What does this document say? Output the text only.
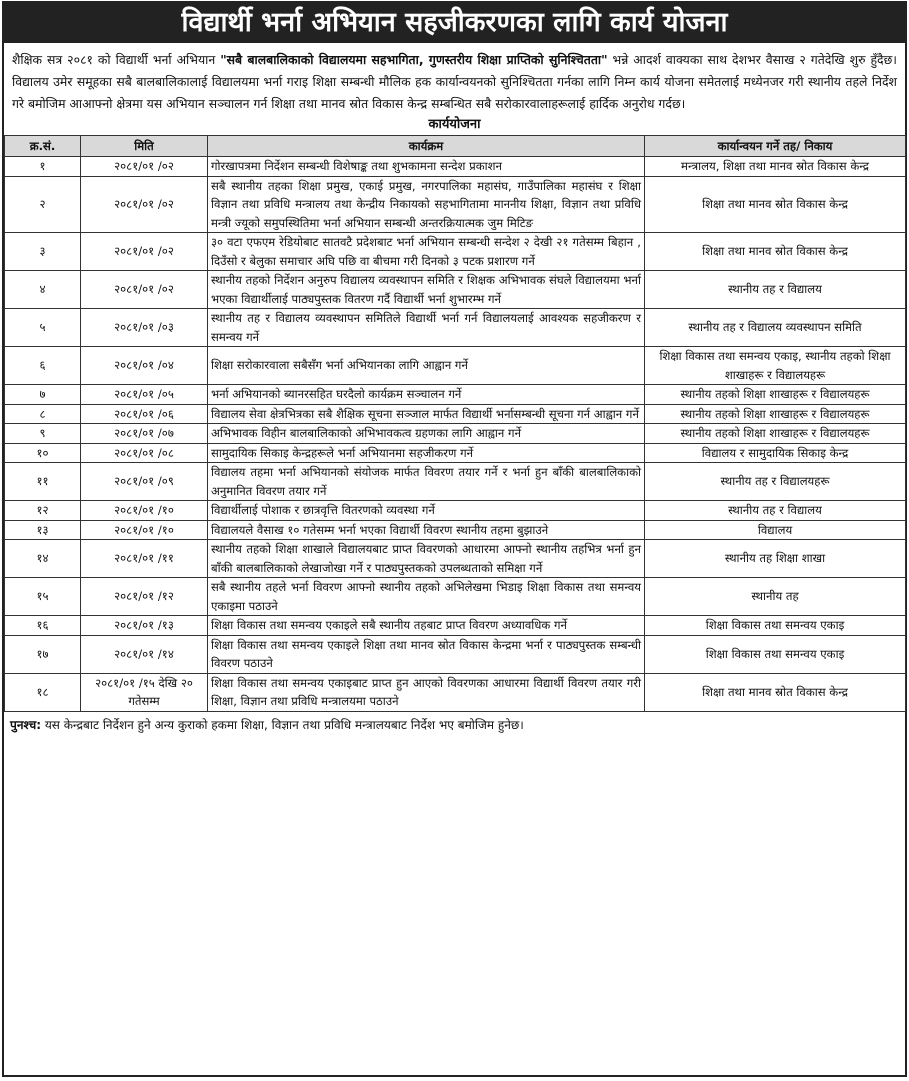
विद्यार्थी भर्ना अभियान सहजीकरणका लागि कार्य योजना
शैक्षिक सत्र २०८१ को विद्यार्थी भर्ना अभियान "सबै बालबालिकाको विद्यालयमा सहभागिता, गुणस्तरीय शिक्षा प्राप्तिको सुनिश्चितता" भन्ने आदर्श वाक्यका साथ देशभर वैसाख २ गतेदेखि शुरु हुँदैछ। विद्यालय उमेर समूहका सबै बालबालिकालाई विद्यालयमा भर्ना गराइ शिक्षा सम्बन्धी मौलिक हक कार्यान्वयनको सुनिश्चितता गर्नका लागि निम्न कार्य योजना समेतलाई मध्येनजर गरी स्थानीय तहले निर्देश गरे बमोजिम आआफ्नो क्षेत्रमा यस अभियान सञ्चालन गर्न शिक्षा तथा मानव स्रोत विकास केन्द्र सम्बन्धित सबै सरोकारवालाहरूलाई हार्दिक अनुरोध गर्दछ।
कार्ययोजना
क्र.सं.	मिति	कार्यक्रम	कार्यान्वयन गर्ने तह/ निकाय
१	२०८१/०१ /०२	गोरखापत्रमा निर्देशन सम्बन्धी विशेषाङ्क तथा शुभकामना सन्देश प्रकाशन	मन्त्रालय, शिक्षा तथा मानव स्रोत विकास केन्द्र
२	२०८१/०१ /०२	सबै स्थानीय तहका शिक्षा प्रमुख, एकाई प्रमुख, नगरपालिका महासंघ, गाउँपालिका महासंघ र शिक्षा विज्ञान तथा प्रविधि मन्त्रालय तथा केन्द्रीय निकायको सहभागितामा माननीय शिक्षा, विज्ञान तथा प्रविधि मन्त्री ज्यूको समुपस्थितिमा भर्ना अभियान सम्बन्धी अन्तरक्रियात्मक जुम मिटिङ	शिक्षा तथा मानव स्रोत विकास केन्द्र
३	२०८१/०१ /०२	३० वटा एफएम रेडियोबाट सातवटै प्रदेशबाट भर्ना अभियान सम्बन्धी सन्देश २ देखी २१ गतेसम्म बिहान , दिउँसो र बेलुका समाचार अघि पछि वा बीचमा गरी दिनको ३ पटक प्रशारण गर्ने	शिक्षा तथा मानव स्रोत विकास केन्द्र
४	२०८१/०१ /०२	स्थानीय तहको निर्देशन अनुरुप विद्यालय व्यवस्थापन समिति र शिक्षक अभिभावक संघले विद्यालयमा भर्ना भएका विद्यार्थीलाई पाठ्यपुस्तक वितरण गर्दै विद्यार्थी भर्ना शुभारम्भ गर्ने	स्थानीय तह र विद्यालय
५	२०८१/०१ /०३	स्थानीय तह र विद्यालय व्यवस्थापन समितिले विद्यार्थी भर्ना गर्न विद्यालयलाई आवश्यक सहजीकरण र समन्वय गर्ने	स्थानीय तह र विद्यालय व्यवस्थापन समिति
६	२०८१/०१ /०४	शिक्षा सरोकारवाला सबैसँग भर्ना अभियानका लागि आह्वान गर्ने	शिक्षा विकास तथा समन्वय एकाइ, स्थानीय तहको शिक्षा शाखाहरू र विद्यालयहरू
७	२०८१/०१ /०५	भर्ना अभियानको ब्यानरसहित घरदैलो कार्यक्रम सञ्चालन गर्ने	स्थानीय तहको शिक्षा शाखाहरू र विद्यालयहरू
८	२०८१/०१ /०६	विद्यालय सेवा क्षेत्रभित्रका सबै शैक्षिक सूचना सञ्जाल मार्फत विद्यार्थी भर्नासम्बन्धी सूचना गर्न आह्वान गर्ने	स्थानीय तहको शिक्षा शाखाहरू र विद्यालयहरू
९	२०८१/०१ /०७	अभिभावक विहीन बालबालिकाको अभिभावकत्व ग्रहणका लागि आह्वान गर्ने	स्थानीय तहको शिक्षा शाखाहरू र विद्यालयहरू
१०	२०८१/०१ /०८	सामुदायिक सिकाइ केन्द्रहरूले भर्ना अभियानमा सहजीकरण गर्ने	विद्यालय र सामुदायिक सिकाइ केन्द्र
११	२०८१/०१ /०९	विद्यालय तहमा भर्ना अभियानको संयोजक मार्फत विवरण तयार गर्ने र भर्ना हुन बाँकी बालबालिकाको अनुमानित विवरण तयार गर्ने	स्थानीय तह र विद्यालयहरू
१२	२०८१/०१ /१०	विद्यार्थीलाई पोशाक र छात्रवृत्ति वितरणको व्यवस्था गर्ने	स्थानीय तह र विद्यालय
१३	२०८१/०१ /१०	विद्यालयले वैसाख १० गतेसम्म भर्ना भएका विद्यार्थी विवरण स्थानीय तहमा बुझाउने	विद्यालय
१४	२०८१/०१ /११	स्थानीय तहको शिक्षा शाखाले विद्यालयबाट प्राप्त विवरणको आधारमा आफ्नो स्थानीय तहभित्र भर्ना हुन बाँकी बालबालिकाको लेखाजोखा गर्ने र पाठ्यपुस्तकको उपलब्धताको समिक्षा गर्ने	स्थानीय तह शिक्षा शाखा
१५	२०८१/०१ /१२	सबै स्थानीय तहले भर्ना विवरण आफ्नो स्थानीय तहको अभिलेखमा भिडाइ शिक्षा विकास तथा समन्वय एकाइमा पठाउने	स्थानीय तह
१६	२०८१/०१ /१३	शिक्षा विकास तथा समन्वय एकाइले सबै स्थानीय तहबाट प्राप्त विवरण अध्यावधिक गर्ने	शिक्षा विकास तथा समन्वय एकाइ
१७	२०८१/०१ /१४	शिक्षा विकास तथा समन्वय एकाइले शिक्षा तथा मानव स्रोत विकास केन्द्रमा भर्ना र पाठ्यपुस्तक सम्बन्धी विवरण पठाउने	शिक्षा विकास तथा समन्वय एकाइ
१८	२०८१/०१ /१५ देखि २० गतेसम्म	शिक्षा विकास तथा समन्वय एकाइबाट प्राप्त हुन आएको विवरणका आधारमा विद्यार्थी विवरण तयार गरी शिक्षा, विज्ञान तथा प्रविधि मन्त्रालयमा पठाउने	शिक्षा तथा मानव स्रोत विकास केन्द्र
पुनश्च: यस केन्द्रबाट निर्देशन हुने अन्य कुराको हकमा शिक्षा, विज्ञान तथा प्रविधि मन्त्रालयबाट निर्देश भए बमोजिम हुनेछ।
